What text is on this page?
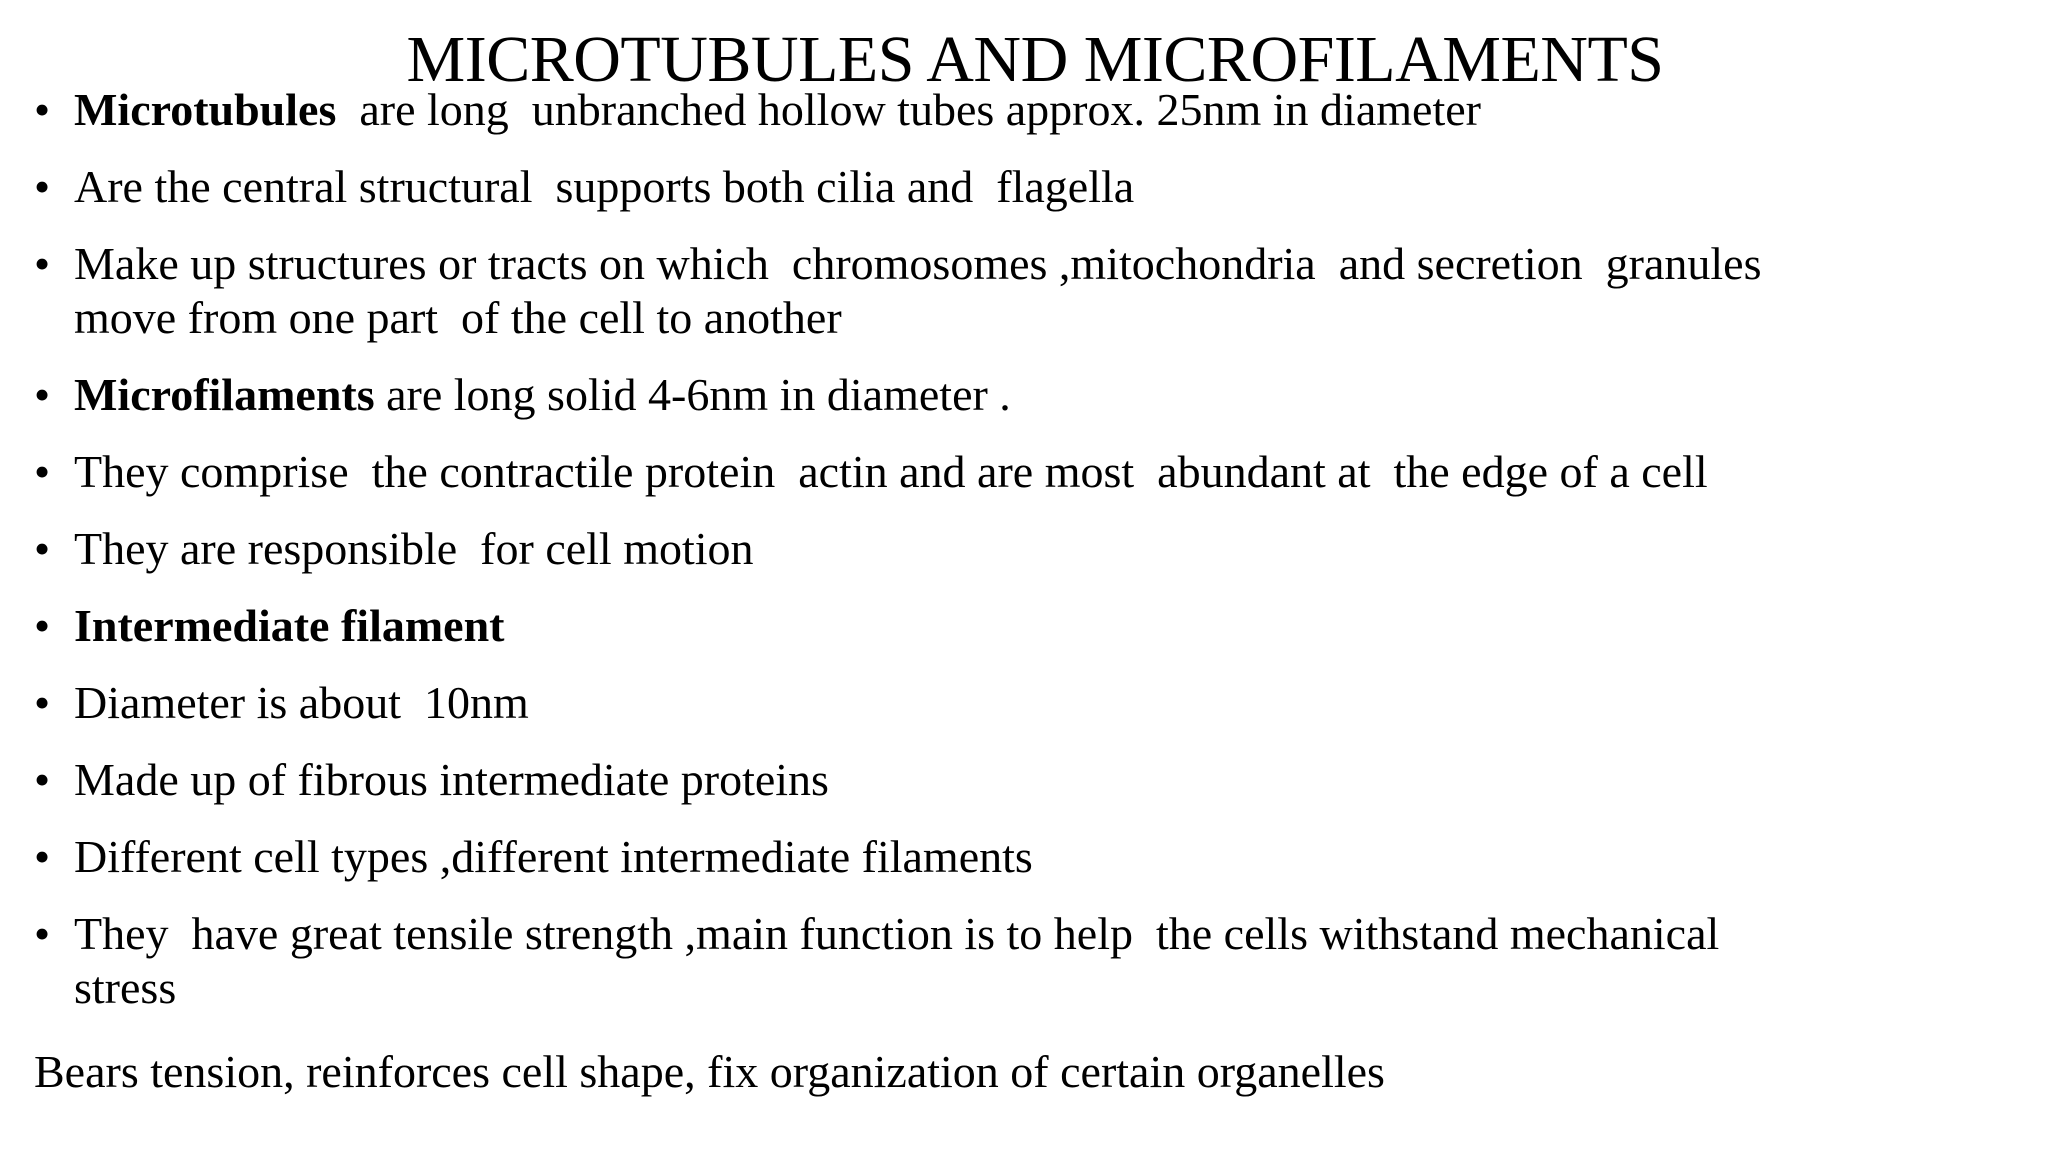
MICROTUBULES AND MICROFILAMENTS
• Microtubules  are long  unbranched hollow tubes approx. 25nm in diameter
• Are the central structural  supports both cilia and  flagella
• Make up structures or tracts on which  chromosomes ,mitochondria  and secretion  granules
move from one part  of the cell to another
• Microfilaments are long solid 4-6nm in diameter .
• They comprise  the contractile protein  actin and are most  abundant at  the edge of a cell
• They are responsible  for cell motion
• Intermediate filament
• Diameter is about  10nm
• Made up of fibrous intermediate proteins
• Different cell types ,different intermediate filaments
• They  have great tensile strength ,main function is to help  the cells withstand mechanical
stress
Bears tension, reinforces cell shape, fix organization of certain organelles
